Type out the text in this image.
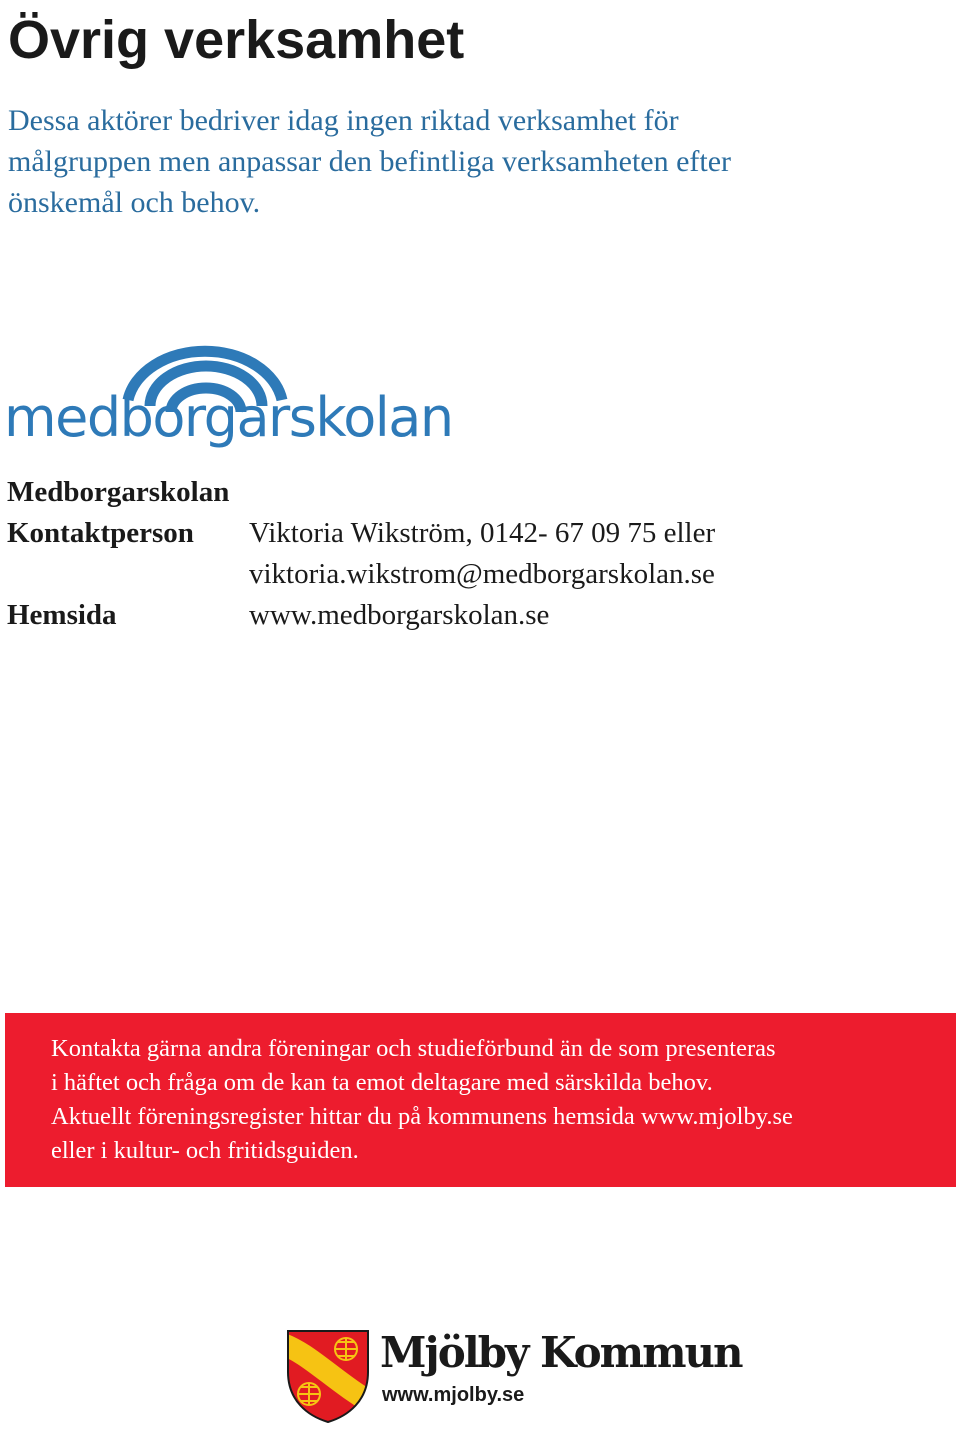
Övrig verksamhet
Dessa aktörer bedriver idag ingen riktad verksamhet för
målgruppen men anpassar den befintliga verksamheten efter
önskemål och behov.
medborgarskolan
Medborgarskolan
Kontaktperson Viktoria Wikström, 0142- 67 09 75 eller
viktoria.wikstrom@medborgarskolan.se
Hemsida	www.medborgarskolan.se

Kontakta gärna andra föreningar och studieförbund än de som presenteras
i häftet och fråga om de kan ta emot deltagare med särskilda behov.
Aktuellt föreningsregister hittar du på kommunens hemsida www.mjolby.se
eller i kultur- och fritidsguiden.

Mjölby Kommun
www.mjolby.se
